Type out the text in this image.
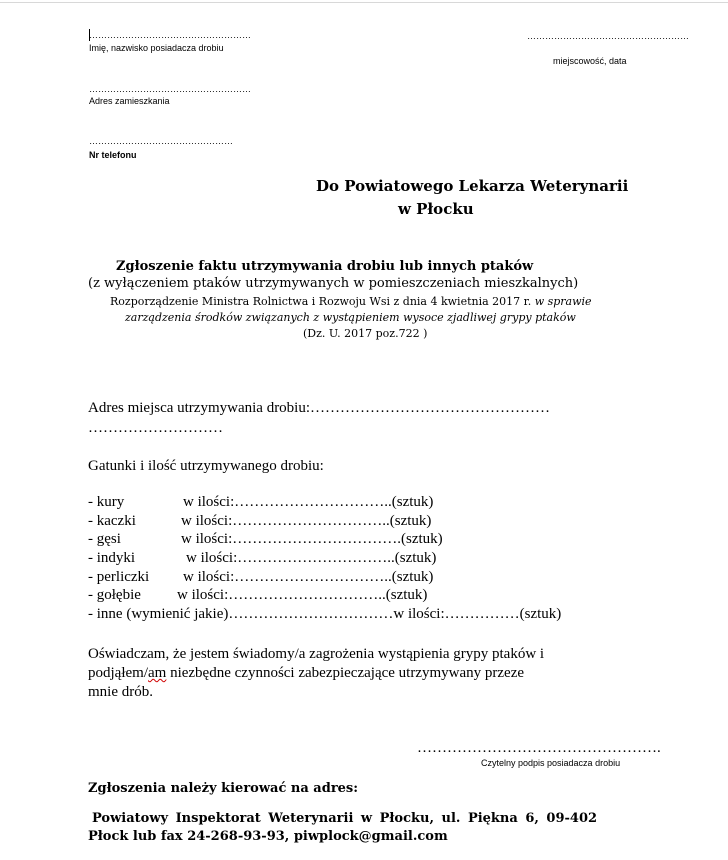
………………………………………………
Imię, nazwisko posiadacza drobiu
………………………………………………
miejscowość, data
………………………………………………
Adres zamieszkania
…………………………………………
Nr telefonu
Do Powiatowego Lekarza Weterynarii
w Płocku
Zgłoszenie faktu utrzymywania drobiu lub innych ptaków
(z wyłączeniem ptaków utrzymywanych w pomieszczeniach mieszkalnych)
Rozporządzenie Ministra Rolnictwa i Rozwoju Wsi z dnia 4 kwietnia 2017 r. w sprawie
zarządzenia środków związanych z wystąpieniem wysoce zjadliwej grypy ptaków
(Dz. U. 2017 poz.722 )
Adres miejsca utrzymywania drobiu:…………………………………………
………………………
Gatunki i ilość utrzymywanego drobiu:
- kury	w ilości:…………………………..(sztuk)
- kaczki	w ilości:…………………………..(sztuk)
- gęsi	w ilości:…………………………….(sztuk)
- indyki	w ilości:…………………………..(sztuk)
- perliczki w ilości:…………………………..(sztuk)
- gołębie w ilości:…………………………..(sztuk)
- inne (wymienić jakie)……………………………w ilości:……………(sztuk)
Oświadczam, że jestem świadomy/a zagrożenia wystąpienia grypy ptaków i
podjąłem/am niezbędne czynności zabezpieczające utrzymywany przeze
mnie drób.
………………………………………….
Czytelny podpis posiadacza drobiu
Zgłoszenia należy kierować na adres:
Powiatowy Inspektorat Weterynarii w Płocku, ul. Piękna 6, 09-402
Płock lub fax 24-268-93-93, piwplock@gmail.com
